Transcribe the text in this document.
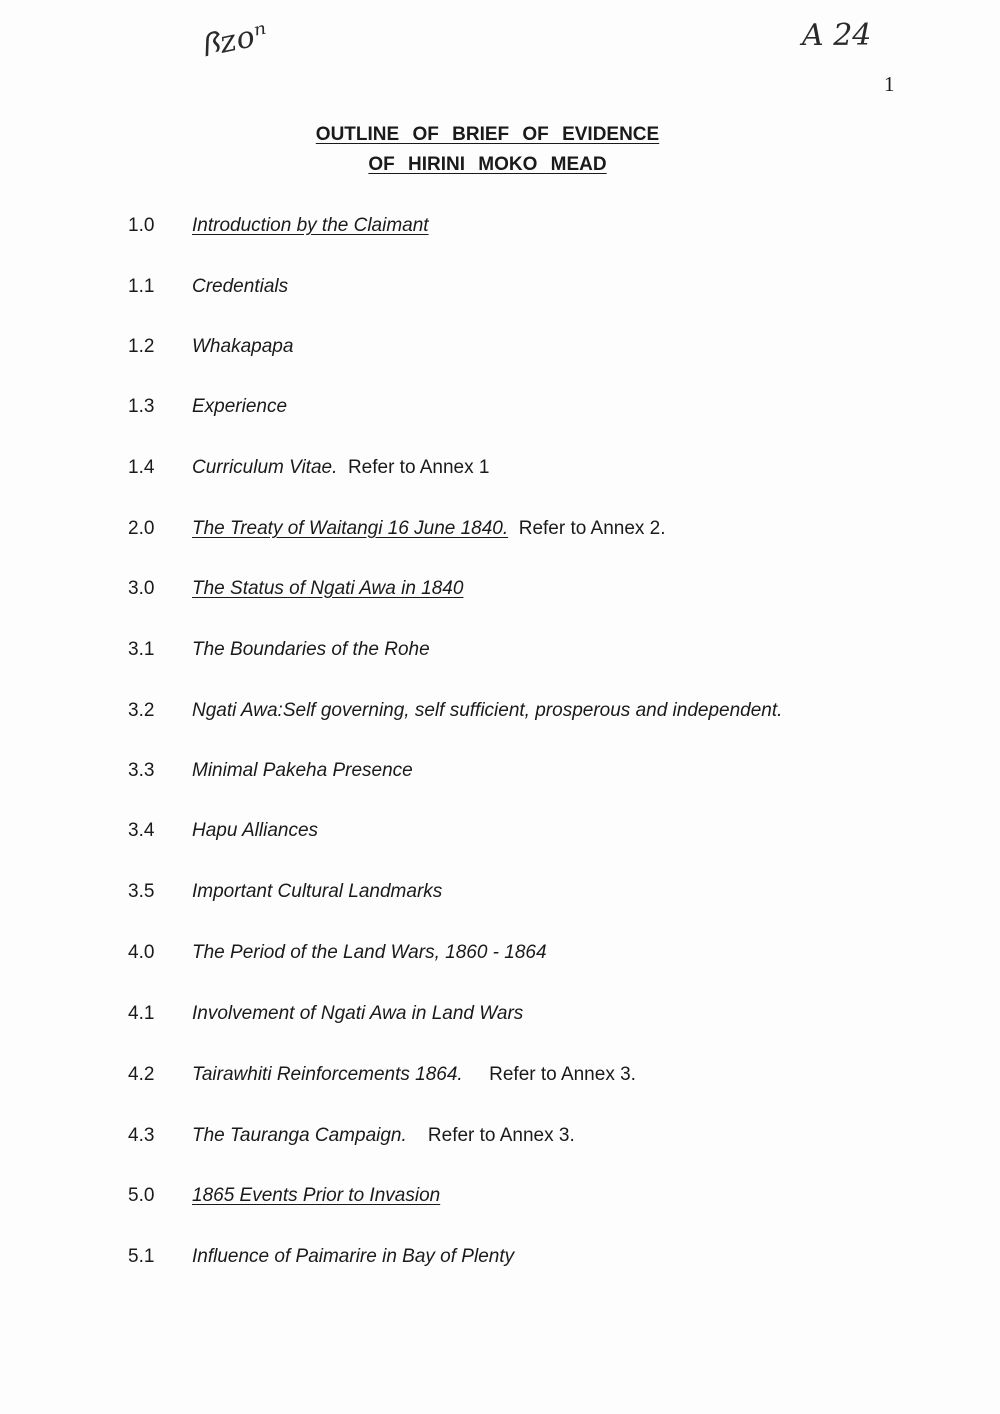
ꟗᴢᴏⁿ	A 24
1
OUTLINE OF BRIEF OF EVIDENCE
OF HIRINI MOKO MEAD
1.0 Introduction by the Claimant
1.1 Credentials
1.2 Whakapapa
1.3 Experience
1.4 Curriculum Vitae. Refer to Annex 1
2.0 The Treaty of Waitangi 16 June 1840. Refer to Annex 2.
3.0 The Status of Ngati Awa in 1840
3.1 The Boundaries of the Rohe
3.2 Ngati Awa:Self governing, self sufficient, prosperous and independent.
3.3 Minimal Pakeha Presence
3.4 Hapu Alliances
3.5 Important Cultural Landmarks
4.0 The Period of the Land Wars, 1860 - 1864
4.1 Involvement of Ngati Awa in Land Wars
4.2 Tairawhiti Reinforcements 1864. Refer to Annex 3.
4.3 The Tauranga Campaign. Refer to Annex 3.
5.0 1865 Events Prior to Invasion
5.1 Influence of Paimarire in Bay of Plenty
